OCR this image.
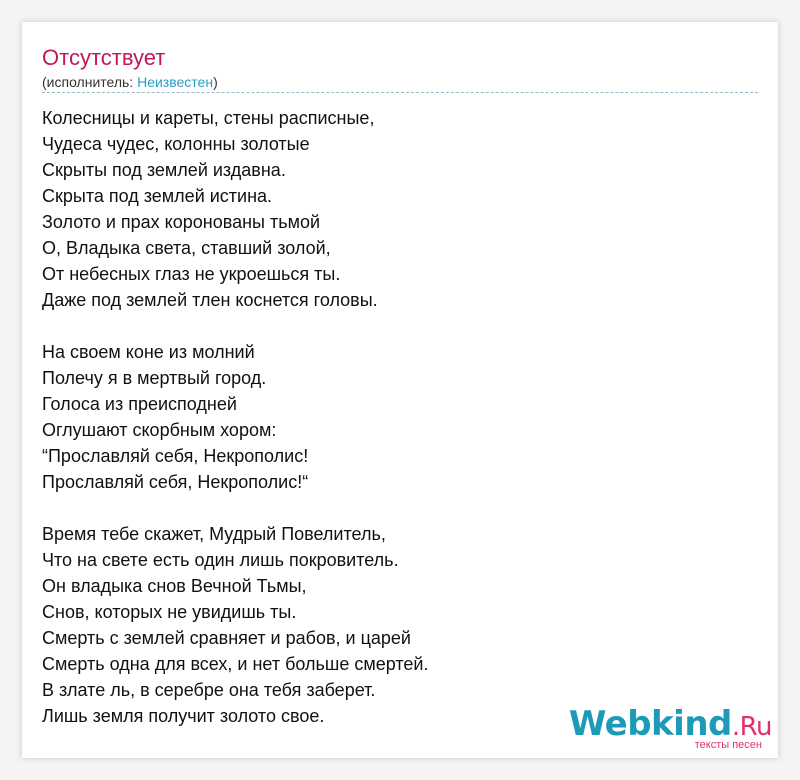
Отсутствует
(исполнитель: Неизвестен)
Колесницы и кареты, стены расписные,
Чудеса чудес, колонны золотые
Скрыты под землей издавна.
Скрыта под землей истина.
Золото и прах коронованы тьмой
О, Владыка света, ставший золой,
От небесных глаз не укроешься ты.
Даже под землей тлен коснется головы.
На своем коне из молний
Полечу я в мертвый город.
Голоса из преисподней
Оглушают скорбным хором:
“Прославляй себя, Некрополис!
Прославляй себя, Некрополис!“
Время тебе скажет, Мудрый Повелитель,
Что на свете есть один лишь покровитель.
Он владыка снов Вечной Тьмы,
Снов, которых не увидишь ты.
Смерть с землей сравняет и рабов, и царей
Смерть одна для всех, и нет больше смертей.
В злате ль, в серебре она тебя заберет.
Лишь земля получит золото свое.	Webkind.Ru
тексты песен
